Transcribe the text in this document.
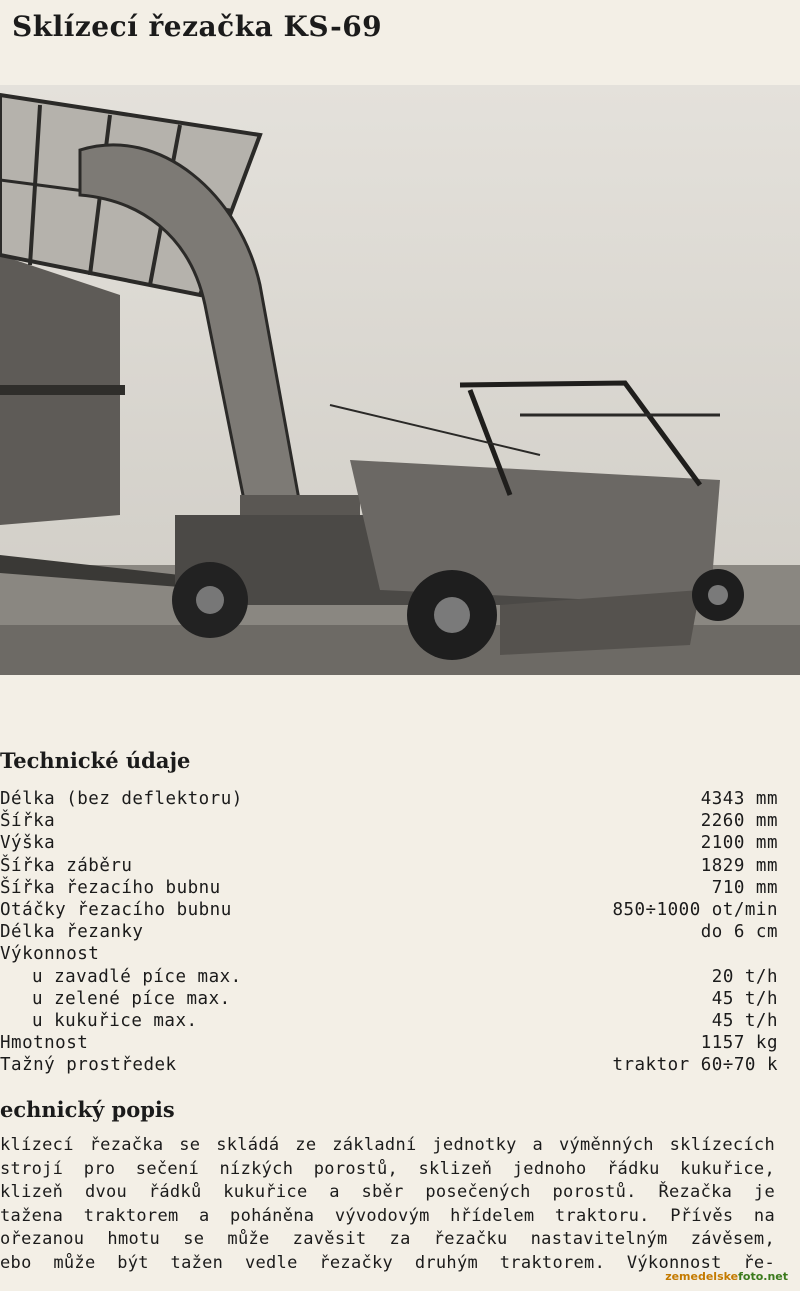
Sklízecí řezačka KS-69
Technické údaje
Délka (bez deflektoru)	4343 mm
Šířka	2260 mm
Výška	2100 mm
Šířka záběru	1829 mm
Šířka řezacího bubnu	710 mm
Otáčky řezacího bubnu	850÷1000 ot/min
Délka řezanky	do 6 cm
Výkonnost
u zavadlé píce max.	20 t/h
u zelené píce max.	45 t/h
u kukuřice max.	45 t/h
Hmotnost	1157 kg
Tažný prostředek	traktor 60÷70 k
echnický popis
klízecí řezačka se skládá ze základní jednotky a výměnných sklízecích
strojí pro sečení nízkých porostů, sklizeň jednoho řádku kukuřice,
klizeň dvou řádků kukuřice a sběr posečených porostů. Řezačka je
tažena traktorem a poháněna vývodovým hřídelem traktoru. Přívěs na
ořezanou hmotu se může zavěsit za řezačku nastavitelným závěsem,
ebo může být tažen vedle řezačky druhým traktorem. Výkonnost ře-
zemedelskefoto.net
